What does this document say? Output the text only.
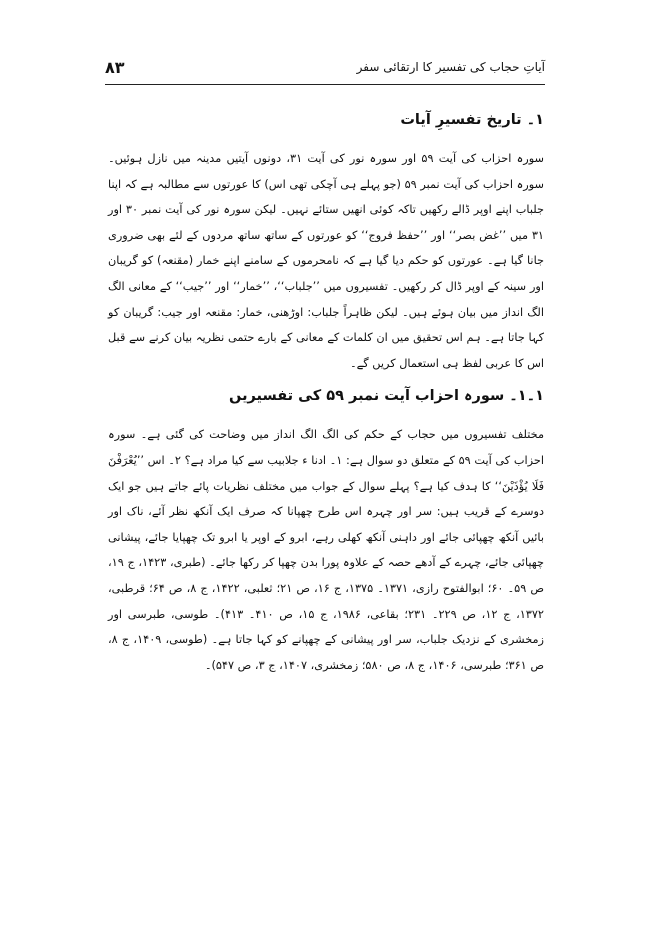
۸۳	آیاتِ حجاب کی تفسیر کا ارتقائی سفر
۱۔ تاریخ تفسیرِ آیات

سورہ احزاب کی آیت ۵۹ اور سورہ نور کی آیت ۳۱، دونوں آیتیں مدینہ میں نازل ہوئیں۔ سورہ احزاب کی آیت نمبر ۵۹ (جو پہلے ہی آچکی تھی اس) کا عورتوں سے مطالبہ ہے کہ اپنا جلباب اپنے اوپر ڈالے رکھیں تاکہ کوئی انھیں ستائے نہیں۔ لیکن سورہ نور کی آیت نمبر ۳۰ اور ۳۱ میں ’’غض بصر‘‘ اور ’’حفظ فروج‘‘ کو عورتوں کے ساتھ ساتھ مردوں کے لئے بھی ضروری جانا گیا ہے۔ عورتوں کو حکم دیا گیا ہے کہ نامحرموں کے سامنے اپنے خمار (مقنعہ) کو گریبان اور سینہ کے اوپر ڈال کر رکھیں۔ تفسیروں میں ’’جلباب‘‘، ’’خمار‘‘ اور ’’جیب‘‘ کے معانی الگ الگ انداز میں بیان ہوئے ہیں۔ لیکن ظاہراً جلباب: اوڑھنی، خمار: مقنعہ اور جیب: گریبان کو کہا جاتا ہے۔ ہم اس تحقیق میں ان کلمات کے معانی کے بارے حتمی نظریہ بیان کرنے سے قبل اس کا عربی لفظ ہی استعمال کریں گے۔

۱۔۱۔ سورہ احزاب آیت نمبر ۵۹ کی تفسیریں

مختلف تفسیروں میں حجاب کے حکم کی الگ الگ انداز میں وضاحت کی گئی ہے۔ سورہ احزاب کی آیت ۵۹ کے متعلق دو سوال ہے: ۱۔ ادنا ء جلابیب سے کیا مراد ہے؟ ۲۔ اس ’’يُعْرَفْنَ فَلَا يُؤْذَيْنَ‘‘ کا ہدف کیا ہے؟ پہلے سوال کے جواب میں مختلف نظریات پائے جاتے ہیں جو ایک دوسرے کے قریب ہیں: سر اور چہرہ اس طرح چھپانا کہ صرف ایک آنکھ نظر آئے، ناک اور بائیں آنکھ چھپائی جائے اور داہنی آنکھ کھلی رہے، ابرو کے اوپر یا ابرو تک چھپایا جائے، پیشانی چھپائی جائے، چہرے کے آدھے حصہ کے علاوہ پورا بدن چھپا کر رکھا جائے۔ (طبری، ۱۴۲۳، ج ۱۹، ص ۵۹۔ ۶۰؛ ابوالفتوح رازی، ۱۳۷۱۔ ۱۳۷۵، ج ۱۶، ص ۲۱؛ ثعلبی، ۱۴۲۲، ج ۸، ص ۶۴؛ قرطبی، ۱۳۷۲، ج ۱۲، ص ۲۲۹۔ ۲۳۱؛ بقاعی، ۱۹۸۶، ج ۱۵، ص ۴۱۰۔ ۴۱۳)۔ طوسی، طبرسی اور زمخشری کے نزدیک جلباب، سر اور پیشانی کے چھپانے کو کہا جاتا ہے۔ (طوسی، ۱۴۰۹، ج ۸، ص ۳۶۱؛ طبرسی، ۱۴۰۶، ج ۸، ص ۵۸۰؛ زمخشری، ۱۴۰۷، ج ۳، ص ۵۴۷)۔
